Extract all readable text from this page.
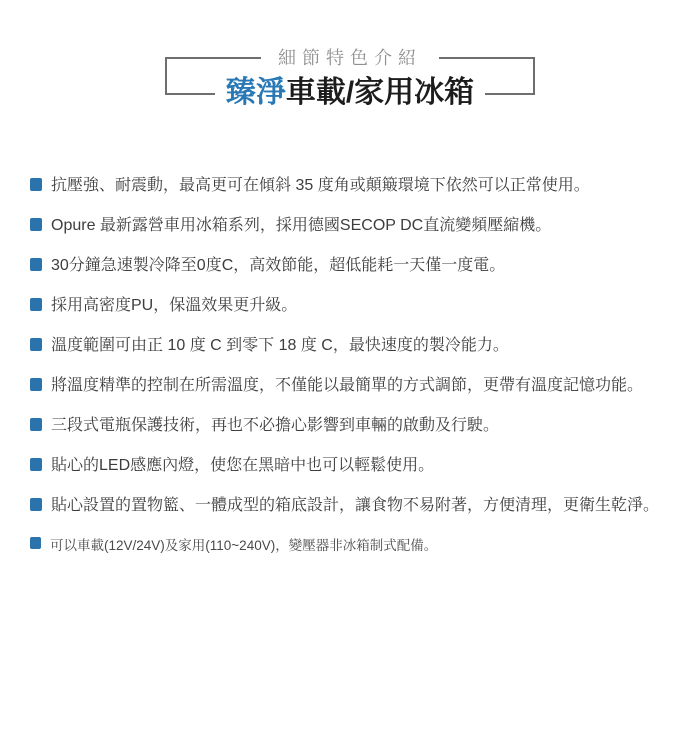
細節特色介紹
臻淨車載/家用冰箱
抗壓強、耐震動，最高更可在傾斜 35 度角或顛簸環境下依然可以正常使用。
Opure 最新露營車用冰箱系列，採用德國SECOP DC直流變頻壓縮機。
30分鐘急速製冷降至0度C，高效節能，超低能耗一天僅一度電。
採用高密度PU，保溫效果更升級。
溫度範圍可由正 10 度 C 到零下 18 度 C，最快速度的製冷能力。
將溫度精準的控制在所需溫度，不僅能以最簡單的方式調節，更帶有溫度記憶功能。
三段式電瓶保護技術，再也不必擔心影響到車輛的啟動及行駛。
貼心的LED感應內燈，使您在黑暗中也可以輕鬆使用。
貼心設置的置物籃、一體成型的箱底設計，讓食物不易附著，方便清理，更衛生乾淨。
可以車載(12V/24V)及家用(110~240V)，變壓器非冰箱制式配備。
